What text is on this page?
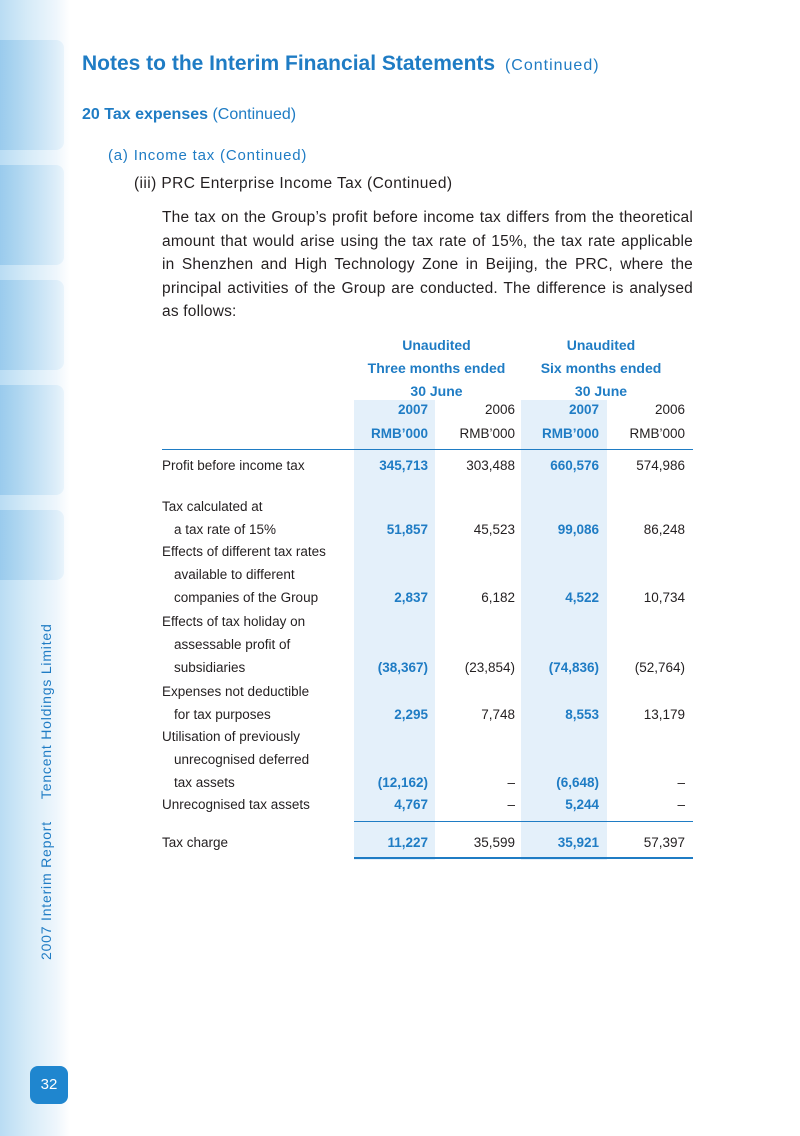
2007 Interim ReportTencent Holdings Limited
32
Notes to the Interim Financial Statements (Continued)
20 Tax expenses (Continued)
(a) Income tax (Continued)
(iii) PRC Enterprise Income Tax (Continued)
The tax on the Group’s profit before income tax differs from the theoretical amount that would arise using the tax rate of 15%, the tax rate applicable in Shenzhen and High Technology Zone in Beijing, the PRC, where the principal activities of the Group are conducted. The difference is analysed as follows:
Unaudited
Three months ended
30 June
Unaudited
Six months ended
30 June
2007	2006	2007	2006
RMB’000 RMB’000 RMB’000 RMB’000
Profit before income tax	345,713	303,488	660,576	574,986
Tax calculated at
a tax rate of 15%	51,857	45,523	99,086	86,248
Effects of different tax rates
available to different
companies of the Group	2,837	6,182	4,522	10,734
Effects of tax holiday on
assessable profit of
subsidiaries	(38,367)	(23,854) (74,836)	(52,764)
Expenses not deductible
for tax purposes	2,295	7,748	8,553	13,179
Utilisation of previously
unrecognised deferred
tax assets	(12,162)	–	(6,648)	–
Unrecognised tax assets	4,767	–	5,244	–
Tax charge	11,227	35,599	35,921	57,397
